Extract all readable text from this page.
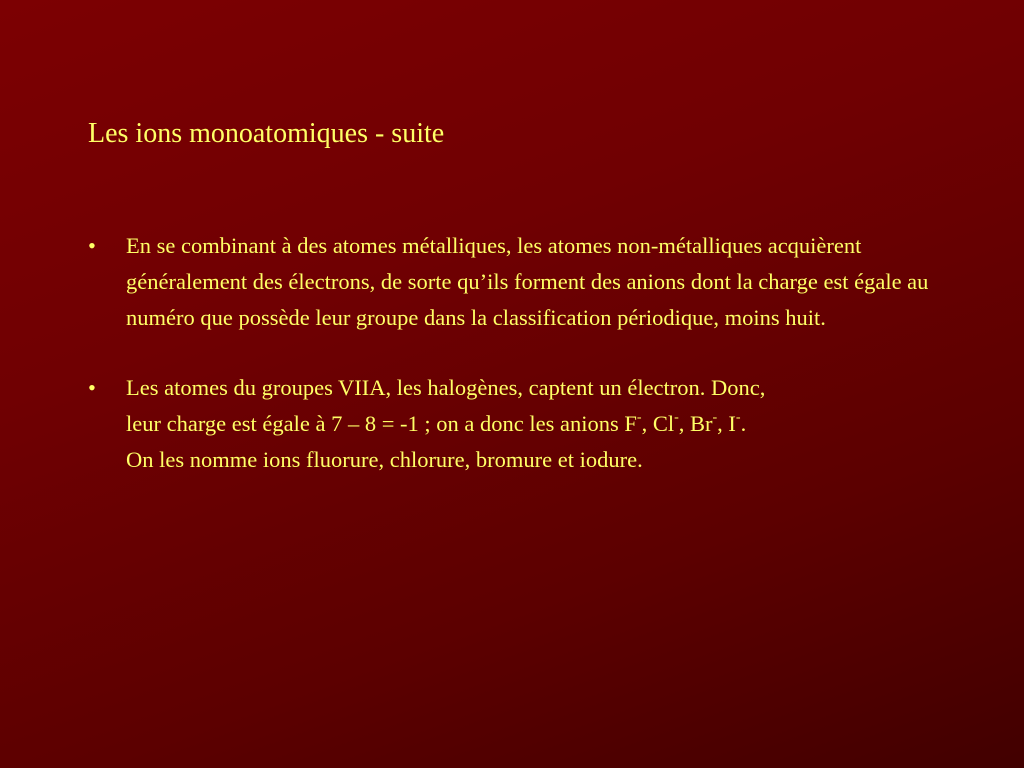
Les ions monoatomiques - suite
• En se combinant à des atomes métalliques, les atomes non-métalliques acquièrent généralement des électrons, de sorte qu’ils forment des anions dont la charge est égale au numéro que possède leur groupe dans la classification périodique, moins huit.
• Les atomes du groupes VIIA, les halogènes, captent un électron. Donc,
leur charge est égale à 7 – 8 = -1 ; on a donc les anions F-, Cl-, Br-, I-.
On les nomme ions fluorure, chlorure, bromure et iodure.
